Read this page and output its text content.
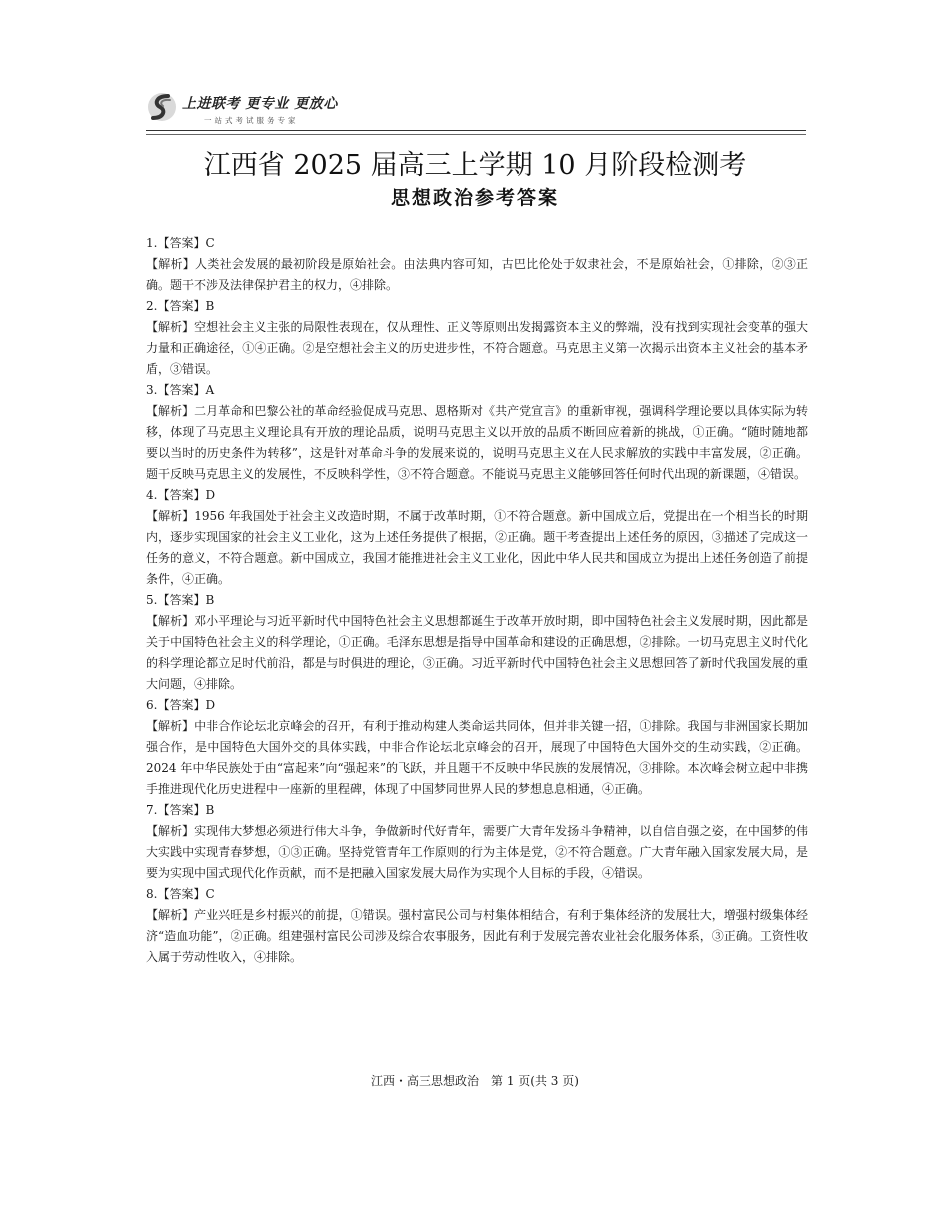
上进联考 更专业 更放心
一站式考试服务专家
江西省 2025 届高三上学期 10 月阶段检测考
思想政治参考答案
1.【答案】C
【解析】人类社会发展的最初阶段是原始社会。由法典内容可知，古巴比伦处于奴隶社会，不是原始社会，①排除，②③正确。题干不涉及法律保护君主的权力，④排除。
2.【答案】B
【解析】空想社会主义主张的局限性表现在，仅从理性、正义等原则出发揭露资本主义的弊端，没有找到实现社会变革的强大力量和正确途径，①④正确。②是空想社会主义的历史进步性，不符合题意。马克思主义第一次揭示出资本主义社会的基本矛盾，③错误。
3.【答案】A
【解析】二月革命和巴黎公社的革命经验促成马克思、恩格斯对《共产党宣言》的重新审视，强调科学理论要以具体实际为转移，体现了马克思主义理论具有开放的理论品质，说明马克思主义以开放的品质不断回应着新的挑战，①正确。“随时随地都要以当时的历史条件为转移”，这是针对革命斗争的发展来说的，说明马克思主义在人民求解放的实践中丰富发展，②正确。题干反映马克思主义的发展性，不反映科学性，③不符合题意。不能说马克思主义能够回答任何时代出现的新课题，④错误。
4.【答案】D
【解析】1956 年我国处于社会主义改造时期，不属于改革时期，①不符合题意。新中国成立后，党提出在一个相当长的时期内，逐步实现国家的社会主义工业化，这为上述任务提供了根据，②正确。题干考查提出上述任务的原因，③描述了完成这一任务的意义，不符合题意。新中国成立，我国才能推进社会主义工业化，因此中华人民共和国成立为提出上述任务创造了前提条件，④正确。
5.【答案】B
【解析】邓小平理论与习近平新时代中国特色社会主义思想都诞生于改革开放时期，即中国特色社会主义发展时期，因此都是关于中国特色社会主义的科学理论，①正确。毛泽东思想是指导中国革命和建设的正确思想，②排除。一切马克思主义时代化的科学理论都立足时代前沿，都是与时俱进的理论，③正确。习近平新时代中国特色社会主义思想回答了新时代我国发展的重大问题，④排除。
6.【答案】D
【解析】中非合作论坛北京峰会的召开，有利于推动构建人类命运共同体，但并非关键一招，①排除。我国与非洲国家长期加强合作，是中国特色大国外交的具体实践，中非合作论坛北京峰会的召开，展现了中国特色大国外交的生动实践，②正确。2024 年中华民族处于由“富起来”向“强起来”的飞跃，并且题干不反映中华民族的发展情况，③排除。本次峰会树立起中非携手推进现代化历史进程中一座新的里程碑，体现了中国梦同世界人民的梦想息息相通，④正确。
7.【答案】B
【解析】实现伟大梦想必须进行伟大斗争，争做新时代好青年，需要广大青年发扬斗争精神，以自信自强之姿，在中国梦的伟大实践中实现青春梦想，①③正确。坚持党管青年工作原则的行为主体是党，②不符合题意。广大青年融入国家发展大局，是要为实现中国式现代化作贡献，而不是把融入国家发展大局作为实现个人目标的手段，④错误。
8.【答案】C
【解析】产业兴旺是乡村振兴的前提，①错误。强村富民公司与村集体相结合，有利于集体经济的发展壮大，增强村级集体经济“造血功能”，②正确。组建强村富民公司涉及综合农事服务，因此有利于发展完善农业社会化服务体系，③正确。工资性收入属于劳动性收入，④排除。
江西・高三思想政治　第 1 页(共 3 页)
